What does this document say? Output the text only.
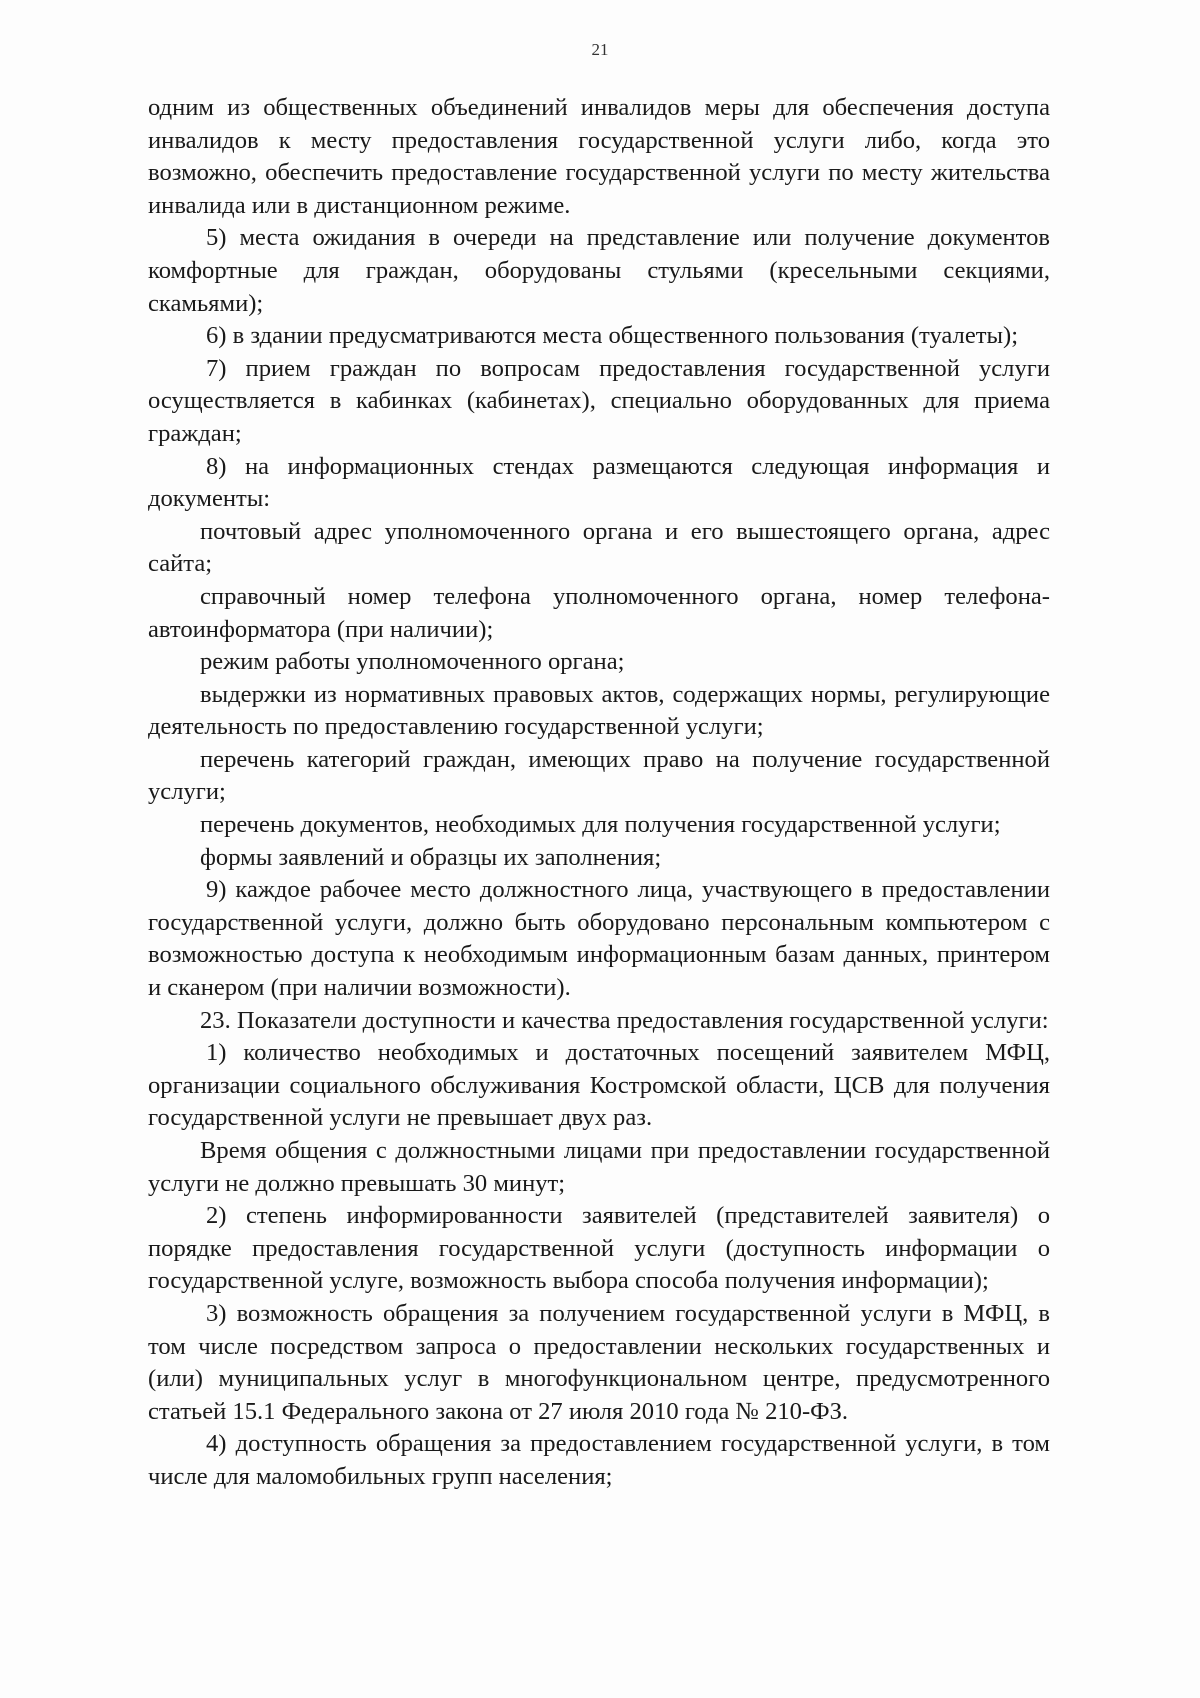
21

одним из общественных объединений инвалидов меры для обеспечения доступа инвалидов к месту предоставления государственной услуги либо, когда это возможно, обеспечить предоставление государственной услуги по месту жительства инвалида или в дистанционном режиме.

5) места ожидания в очереди на представление или получение документов комфортные для граждан, оборудованы стульями (кресельными секциями, скамьями);

6) в здании предусматриваются места общественного пользования (туалеты);

7) прием граждан по вопросам предоставления государственной услуги осуществляется в кабинках (кабинетах), специально оборудованных для приема граждан;

8) на информационных стендах размещаются следующая информация и документы:

почтовый адрес уполномоченного органа и его вышестоящего органа, адрес сайта;

справочный номер телефона уполномоченного органа, номер телефона-автоинформатора (при наличии);

режим работы уполномоченного органа;

выдержки из нормативных правовых актов, содержащих нормы, регулирующие деятельность по предоставлению государственной услуги;

перечень категорий граждан, имеющих право на получение государственной услуги;

перечень документов, необходимых для получения государственной услуги;

формы заявлений и образцы их заполнения;

9) каждое рабочее место должностного лица, участвующего в предоставлении государственной услуги, должно быть оборудовано персональным компьютером с возможностью доступа к необходимым информационным базам данных, принтером и сканером (при наличии возможности).

23. Показатели доступности и качества предоставления государственной услуги:

1) количество необходимых и достаточных посещений заявителем МФЦ, организации социального обслуживания Костромской области, ЦСВ для получения государственной услуги не превышает двух раз.

Время общения с должностными лицами при предоставлении государственной услуги не должно превышать 30 минут;

2) степень информированности заявителей (представителей заявителя) о порядке предоставления государственной услуги (доступность информации о государственной услуге, возможность выбора способа получения информации);

3) возможность обращения за получением государственной услуги в МФЦ, в том числе посредством запроса о предоставлении нескольких государственных и (или) муниципальных услуг в многофункциональном центре, предусмотренного статьей 15.1 Федерального закона от 27 июля 2010 года № 210-ФЗ.

4) доступность обращения за предоставлением государственной услуги, в том числе для маломобильных групп населения;
